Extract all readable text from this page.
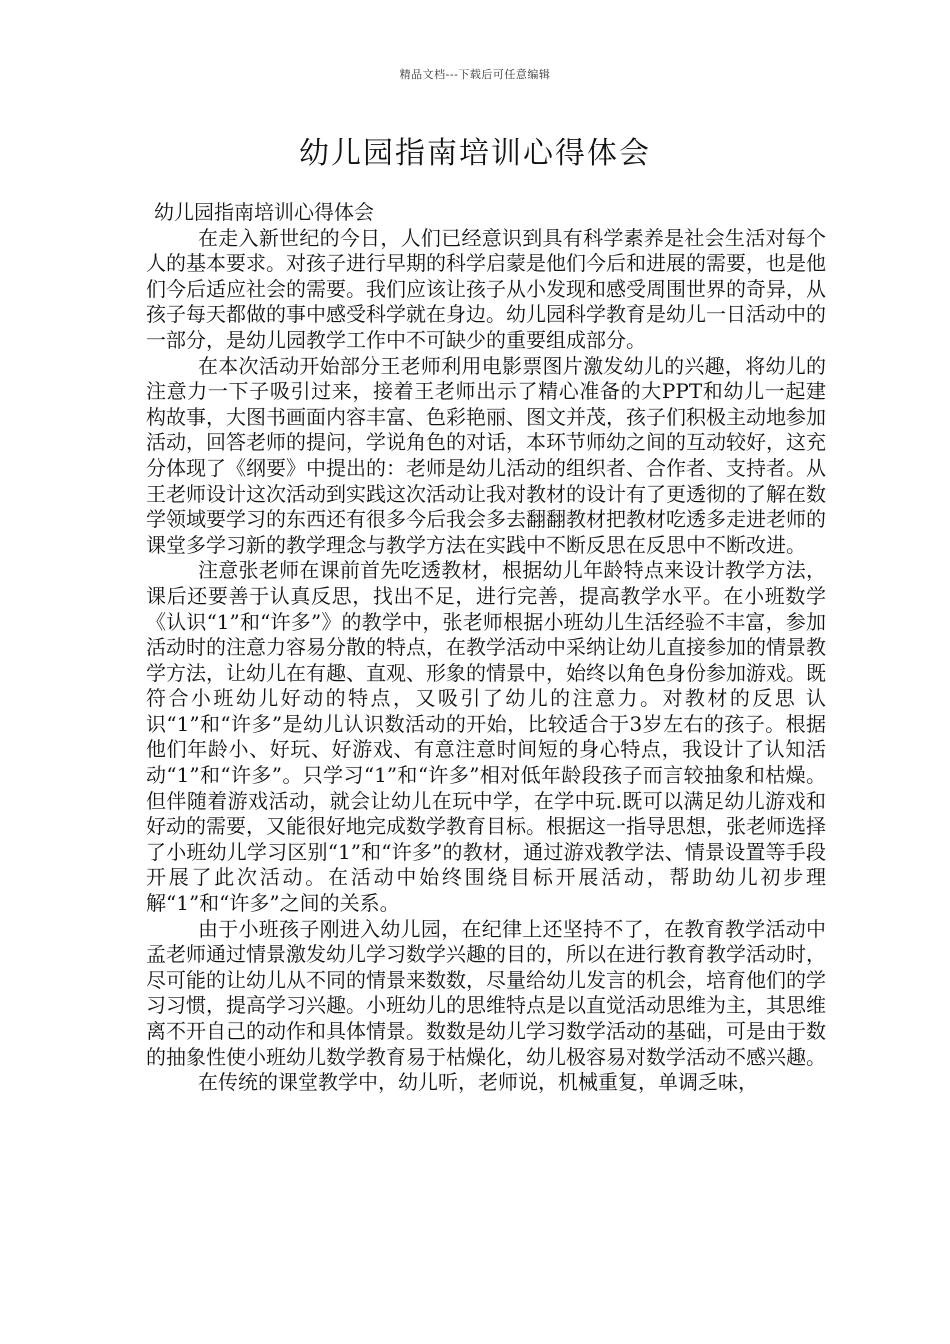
精品文档---下载后可任意编辑
幼儿园指南培训心得体会

幼儿园指南培训心得体会

在走入新世纪的今日，人们已经意识到具有科学素养是社会生活对每个人的基本要求。对孩子进行早期的科学启蒙是他们今后和进展的需要，也是他们今后适应社会的需要。我们应该让孩子从小发现和感受周围世界的奇异，从孩子每天都做的事中感受科学就在身边。幼儿园科学教育是幼儿一日活动中的一部分，是幼儿园教学工作中不可缺少的重要组成部分。

在本次活动开始部分王老师利用电影票图片激发幼儿的兴趣，将幼儿的注意力一下子吸引过来，接着王老师出示了精心准备的大PPT和幼儿一起建构故事，大图书画面内容丰富、色彩艳丽、图文并茂，孩子们积极主动地参加活动，回答老师的提问，学说角色的对话，本环节师幼之间的互动较好，这充分体现了《纲要》中提出的：老师是幼儿活动的组织者、合作者、支持者。从王老师设计这次活动到实践这次活动让我对教材的设计有了更透彻的了解在数学领域要学习的东西还有很多今后我会多去翻翻教材把教材吃透多走进老师的课堂多学习新的教学理念与教学方法在实践中不断反思在反思中不断改进。

注意张老师在课前首先吃透教材，根据幼儿年龄特点来设计教学方法，课后还要善于认真反思，找出不足，进行完善，提高教学水平。在小班数学《认识“1”和“许多”》的教学中，张老师根据小班幼儿生活经验不丰富，参加活动时的注意力容易分散的特点，在教学活动中采纳让幼儿直接参加的情景教学方法，让幼儿在有趣、直观、形象的情景中，始终以角色身份参加游戏。既符合小班幼儿好动的特点，又吸引了幼儿的注意力。对教材的反思 认识“1”和“许多”是幼儿认识数活动的开始，比较适合于3岁左右的孩子。根据他们年龄小、好玩、好游戏、有意注意时间短的身心特点，我设计了认知活动“1”和“许多”。只学习“1”和“许多”相对低年龄段孩子而言较抽象和枯燥。但伴随着游戏活动，就会让幼儿在玩中学，在学中玩.既可以满足幼儿游戏和好动的需要，又能很好地完成数学教育目标。根据这一指导思想，张老师选择了小班幼儿学习区别“1”和“许多”的教材，通过游戏教学法、情景设置等手段开展了此次活动。在活动中始终围绕目标开展活动，帮助幼儿初步理解“1”和“许多”之间的关系。

由于小班孩子刚进入幼儿园，在纪律上还坚持不了，在教育教学活动中孟老师通过情景激发幼儿学习数学兴趣的目的，所以在进行教育教学活动时，尽可能的让幼儿从不同的情景来数数，尽量给幼儿发言的机会，培育他们的学习习惯，提高学习兴趣。小班幼儿的思维特点是以直觉活动思维为主，其思维离不开自己的动作和具体情景。数数是幼儿学习数学活动的基础，可是由于数的抽象性使小班幼儿数学教育易于枯燥化，幼儿极容易对数学活动不感兴趣。

在传统的课堂教学中，幼儿听，老师说，机械重复，单调乏味，
